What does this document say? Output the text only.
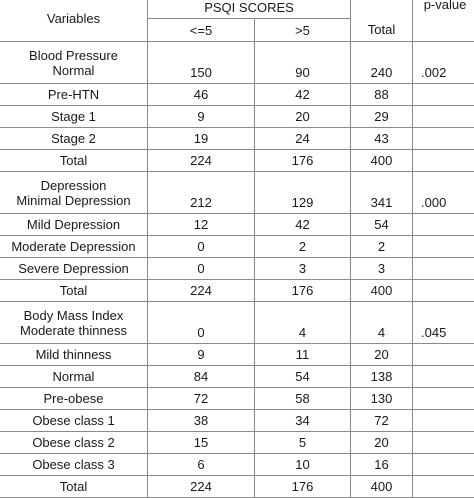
Variables	PSQI SCORES		Total	p-value
	<=5	>5		

Blood Pressure
Normal	150	90	240	.002
Pre-HTN	46	42	88	
Stage 1	9	20	29	
Stage 2	19	24	43	
Total	224	176	400	

Depression
Minimal Depression	212	129	341	.000
Mild Depression	12	42	54	
Moderate Depression	0	2	2	
Severe Depression	0	3	3	
Total	224	176	400	

Body Mass Index
Moderate thinness	0	4	4	.045
Mild thinness	9	11	20	
Normal	84	54	138	
Pre-obese	72	58	130	
Obese class 1	38	34	72	
Obese class 2	15	5	20	
Obese class 3	6	10	16	
Total	224	176	400	
